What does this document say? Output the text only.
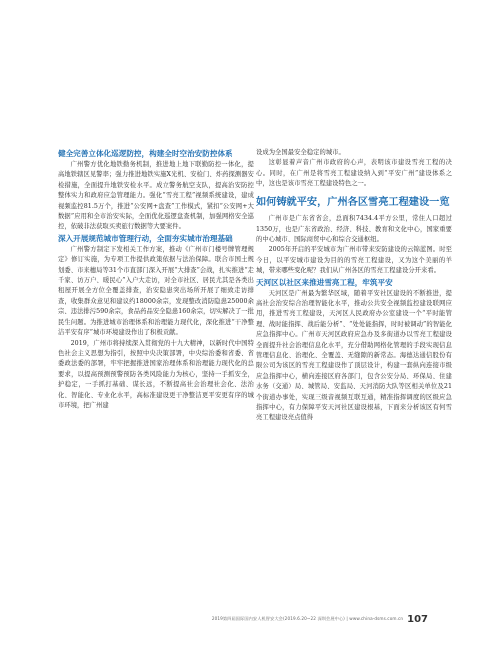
健全完善立体化巡逻防控，构建全时空治安防控体系

广州警方优化地铁勤务机制，推进地上地下联勤防控一体化，提高地铁辖区见警率；强力推进地铁实施X光机、安检门、炸药探测器安检措施，全面提升地铁安检水平。成立警务航空支队，提高治安防控整体实力和政府应急管理能力。强化“雪亮工程”视频系统建设，建成视频监控81.5万个，推进“公安网+盘查”工作模式，紧扣“公安网+大数据”应用和全市治安实际，全面优化巡逻盘查机制，加强网格安全巡控，依破非法获取买卖旅行数据等大要案件。

深入开展规范城市管理行动，全面夯实城市治理基础

广州警方制定下发相关工作方案，推动《广州市门楼号牌管理规定》修订实施，为专项工作提供政策依据与法治保障。联合市国土规划委、市来穗局等31个市直部门深入开展“大排查”会战，扎实推进“走千家、访万户、暖民心”入户大走访，对全市社区、居民尤其是各类出租屋开展全方位全覆盖排查，治安隐患突出场所开展了细致走访排查，收集群众意见和建议约18000余宗，发现整改消防隐患25000余宗、违法排污590余宗，食品药品安全隐患160余宗，切实解决了一批民生问题。为推进城市治理体系和治理能力现代化，深化推进“干净整洁平安有序”城市环境建设作出了积极贡献。

2019，广州市将持续深入贯彻党的十九大精神，以新时代中国特色社会主义思想为指引，按照中央决策部署，中央综治委和省委、省委政法委的部署，牢牢把握推进国家治理体系和治理能力现代化的总要求，以提高预测预警预防各类风险能力为核心，坚持一手抓安全，护稳定，一手抓打基础、谋长远，不断提高社会治理社会化、法治化、智能化、专业化水平，高标准建设更干净整洁更平安更有序的城市环境，把广州建

设成为全国最安全稳定的城市。

这彰显着声音广州市政府的心声，表明该市建设雪亮工程的决心。同时，在广州是将雪亮工程建设纳入到“平安广州”建设体系之中，这也是该市雪亮工程建设特色之一。

如何铸就平安，广州各区雪亮工程建设一览

广州市是广东省省会，总面积7434.4平方公里，常住人口超过1350万，也是广东省政治、经济、科技、教育和文化中心，国家重要的中心城市、国际商贸中心和综合交通枢纽。

2005年开启的平安城市为广州市带来安防建设的云锦蓝图。时至今日，以平安城市建设为目的的雪亮工程建设，又为这个美丽的羊城，带来哪些变化呢？我们从广州各区的雪亮工程建设分开来看。

天河区以社区来推进雪亮工程，牢筑平安

天河区是广州最为繁华区域，随着平安社区建设的不断推进，提高社会治安综合治理智能化水平，推动公共安全视频监控建设联网应用，推进雪亮工程建设，天河区人民政府办公室建设一个“平时能管理、战时能指挥、战后能分析”、“处处能指挥，时时被调动”的智能化应急指挥中心。广州市天河区政府应急办及多街道办以雪亮工程建设全面提升社会治理信息化水平，充分借助网格化管理的手段实现信息管理信息化、治理化、全覆盖、无缝隙的新常态。海德达通信股份有限公司为该区的雪亮工程建设作了顶层设计，构建一套纵向连接市级应急指挥中心，横向连接区府各部门，包含公安分局、环保局、住建水务（交通）局、城管局、安监局、天河消防大队等区相关单位及21个街道办事处，实现三级音视频互联互通，精准指挥调度的区级应急指挥中心，有力保障平安天河社区建设根基，下面来分析该区有何雪亮工程建设亮点值得

2019第四届国际国内安人机智安大会(2019.6.20~22 深圳会展中心) | www.china-dsms.com.cn 107
